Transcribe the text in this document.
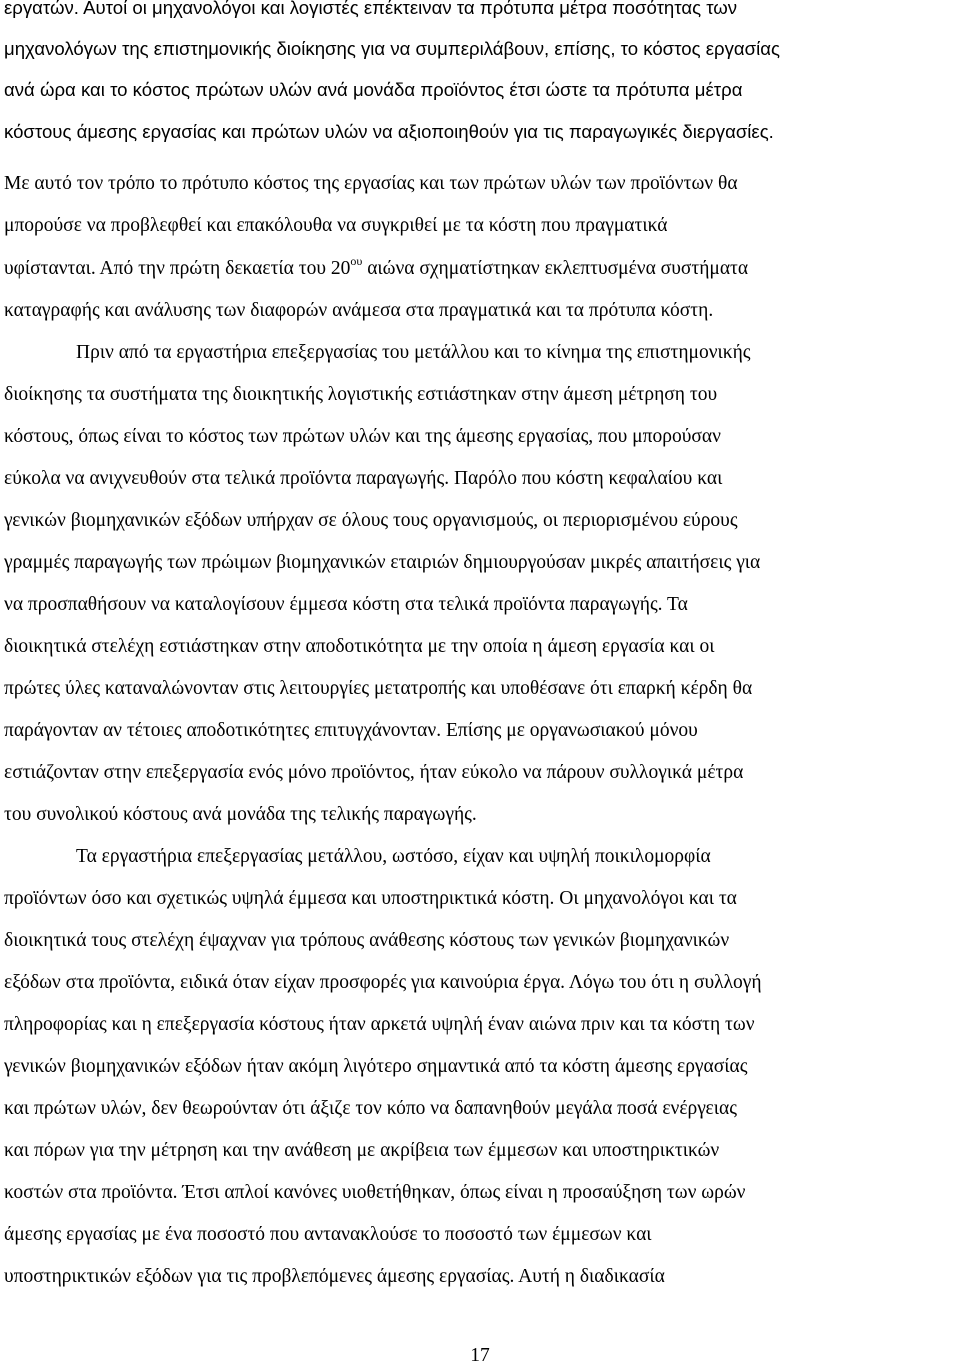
εργατών. Αυτοί οι μηχανολόγοι και λογιστές επέκτειναν τα πρότυπα μέτρα ποσότητας των

μηχανολόγων της επιστημονικής διοίκησης για να συμπεριλάβουν, επίσης, το κόστος εργασίας

ανά ώρα και το κόστος πρώτων υλών ανά μονάδα προϊόντος έτσι ώστε τα πρότυπα μέτρα

κόστους άμεσης εργασίας και πρώτων υλών να αξιοποιηθούν για τις παραγωγικές διεργασίες.

Με αυτό τον τρόπο το πρότυπο κόστος της εργασίας και των πρώτων υλών των προϊόντων θα

μπορούσε να προβλεφθεί και επακόλουθα να συγκριθεί με τα κόστη που πραγματικά

υφίστανται. Από την πρώτη δεκαετία του $20^{o\upsilon}$ αιώνα σχηματίστηκαν εκλεπτυσμένα συστήματα

καταγραφής και ανάλυσης των διαφορών ανάμεσα στα πραγματικά και τα πρότυπα κόστη.

Πριν από τα εργαστήρια επεξεργασίας του μετάλλου και το κίνημα της επιστημονικής

διοίκησης τα συστήματα της διοικητικής λογιστικής εστιάστηκαν στην άμεση μέτρηση του

κόστους, όπως είναι το κόστος των πρώτων υλών και της άμεσης εργασίας, που μπορούσαν

εύκολα να ανιχνευθούν στα τελικά προϊόντα παραγωγής. Παρόλο που κόστη κεφαλαίου και

γενικών βιομηχανικών εξόδων υπήρχαν σε όλους τους οργανισμούς, οι περιορισμένου εύρους

γραμμές παραγωγής των πρώιμων βιομηχανικών εταιριών δημιουργούσαν μικρές απαιτήσεις για

να προσπαθήσουν να καταλογίσουν έμμεσα κόστη στα τελικά προϊόντα παραγωγής. Τα

διοικητικά στελέχη εστιάστηκαν στην αποδοτικότητα με την οποία η άμεση εργασία και οι

πρώτες ύλες καταναλώνονταν στις λειτουργίες μετατροπής και υποθέσανε ότι επαρκή κέρδη θα

παράγονταν αν τέτοιες αποδοτικότητες επιτυγχάνονταν. Επίσης με οργανωσιακού μόνου

εστιάζονταν στην επεξεργασία ενός μόνο προϊόντος, ήταν εύκολο να πάρουν συλλογικά μέτρα

του συνολικού κόστους ανά μονάδα της τελικής παραγωγής.

Τα εργαστήρια επεξεργασίας μετάλλου, ωστόσο, είχαν και υψηλή ποικιλομορφία

προϊόντων όσο και σχετικώς υψηλά έμμεσα και υποστηρικτικά κόστη. Οι μηχανολόγοι και τα

διοικητικά τους στελέχη έψαχναν για τρόπους ανάθεσης κόστους των γενικών βιομηχανικών

εξόδων στα προϊόντα, ειδικά όταν είχαν προσφορές για καινούρια έργα. Λόγω του ότι η συλλογή

πληροφορίας και η επεξεργασία κόστους ήταν αρκετά υψηλή έναν αιώνα πριν και τα κόστη των

γενικών βιομηχανικών εξόδων ήταν ακόμη λιγότερο σημαντικά από τα κόστη άμεσης εργασίας

και πρώτων υλών, δεν θεωρούνταν ότι άξιζε τον κόπο να δαπανηθούν μεγάλα ποσά ενέργειας

και πόρων για την μέτρηση και την ανάθεση με ακρίβεια των έμμεσων και υποστηρικτικών

κοστών στα προϊόντα. Έτσι απλοί κανόνες υιοθετήθηκαν, όπως είναι η προσαύξηση των ωρών

άμεσης εργασίας με ένα ποσοστό που αντανακλούσε το ποσοστό των έμμεσων και

υποστηρικτικών εξόδων για τις προβλεπόμενες άμεσης εργασίας. Αυτή η διαδικασία

17
